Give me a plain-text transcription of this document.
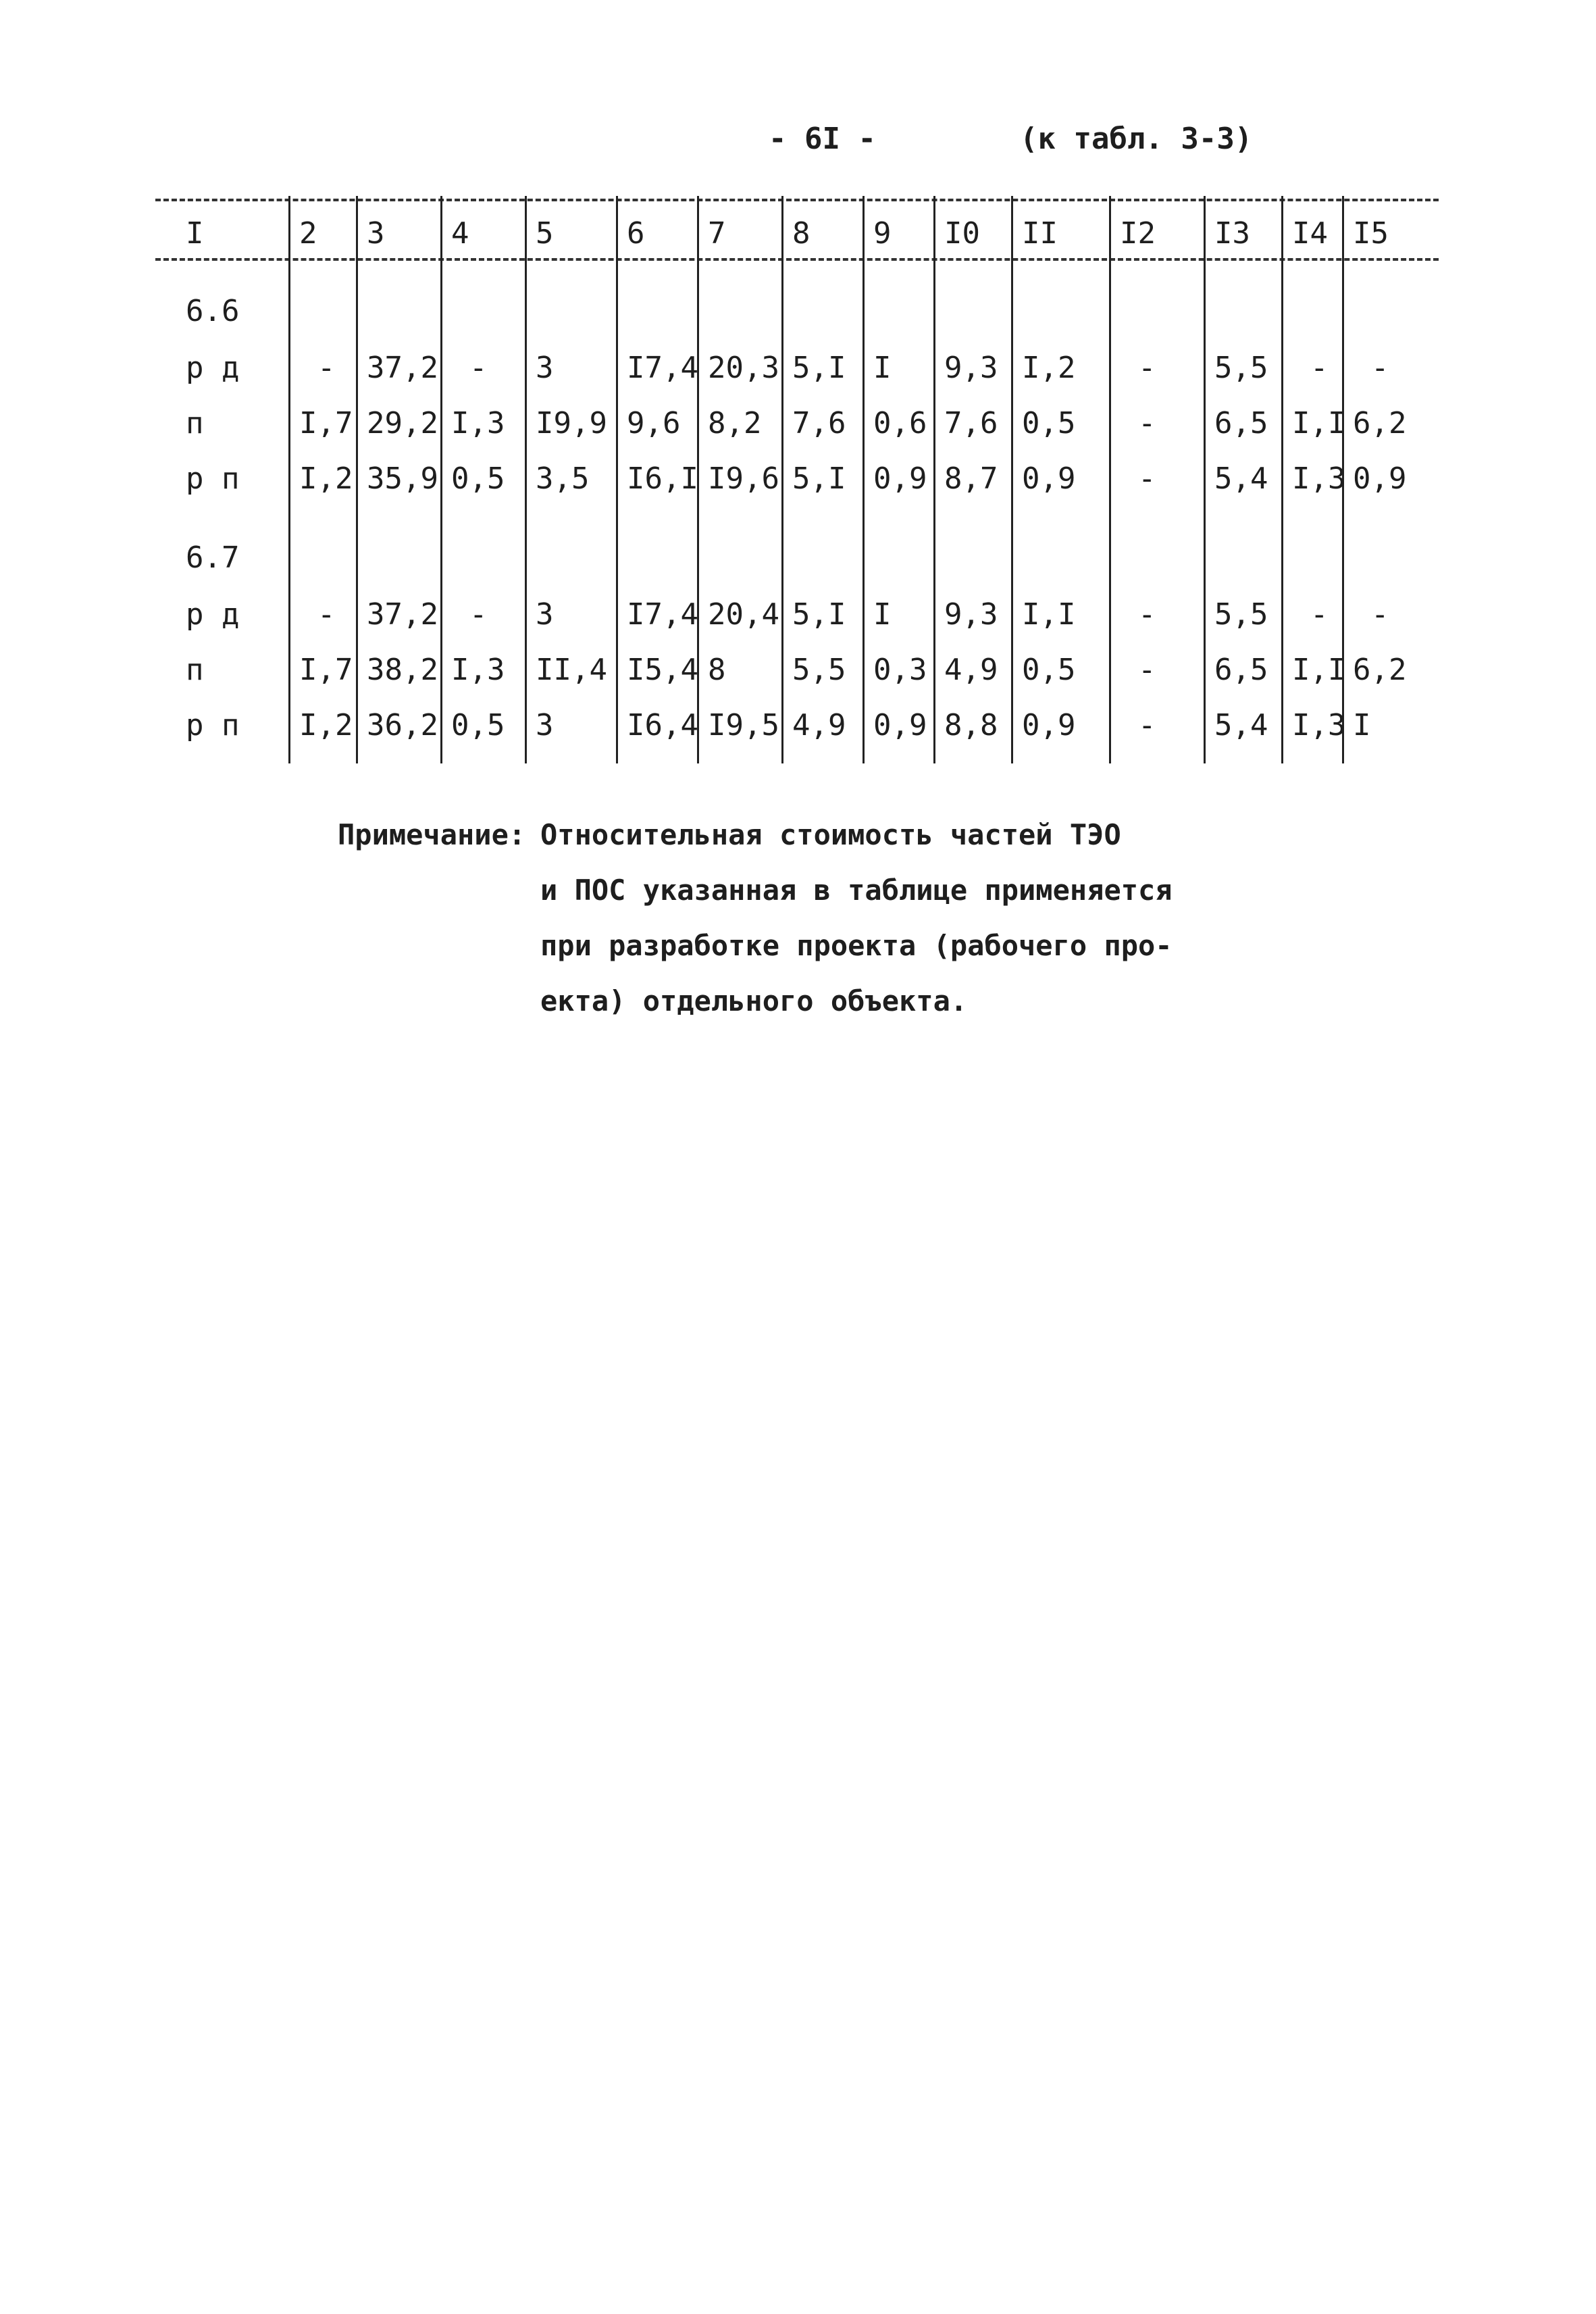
- 6I -	(к табл. 3-3)
I	2 3 4 5 6 7 8 9 I0 II I2 I3 I4 I5
6.6
р д	- 37,2 - 3 I7,4 20,3 5,I I 9,3 I,2 - 5,5 - -
п	I,7 29,2 I,3 I9,9 9,6 8,2 7,6 0,6 7,6 0,5 - 6,5 I,I 6,2
р п I,2 35,9 0,5 3,5 I6,I I9,6 5,I 0,9 8,7 0,9 - 5,4 I,3 0,9
6.7
р д	- 37,2 - 3 I7,4 20,4 5,I I 9,3 I,I - 5,5 - -
п	I,7 38,2 I,3 II,4 I5,4 8 5,5 0,3 4,9 0,5 - 6,5 I,I 6,2
р п I,2 36,2 0,5 3 I6,4 I9,5 4,9 0,9 8,8 0,9 - 5,4 I,3 I
Примечание: Относительная стоимость частей ТЭО
и ПОС указанная в таблице применяется
при разработке проекта (рабочего про-
екта) отдельного объекта.
